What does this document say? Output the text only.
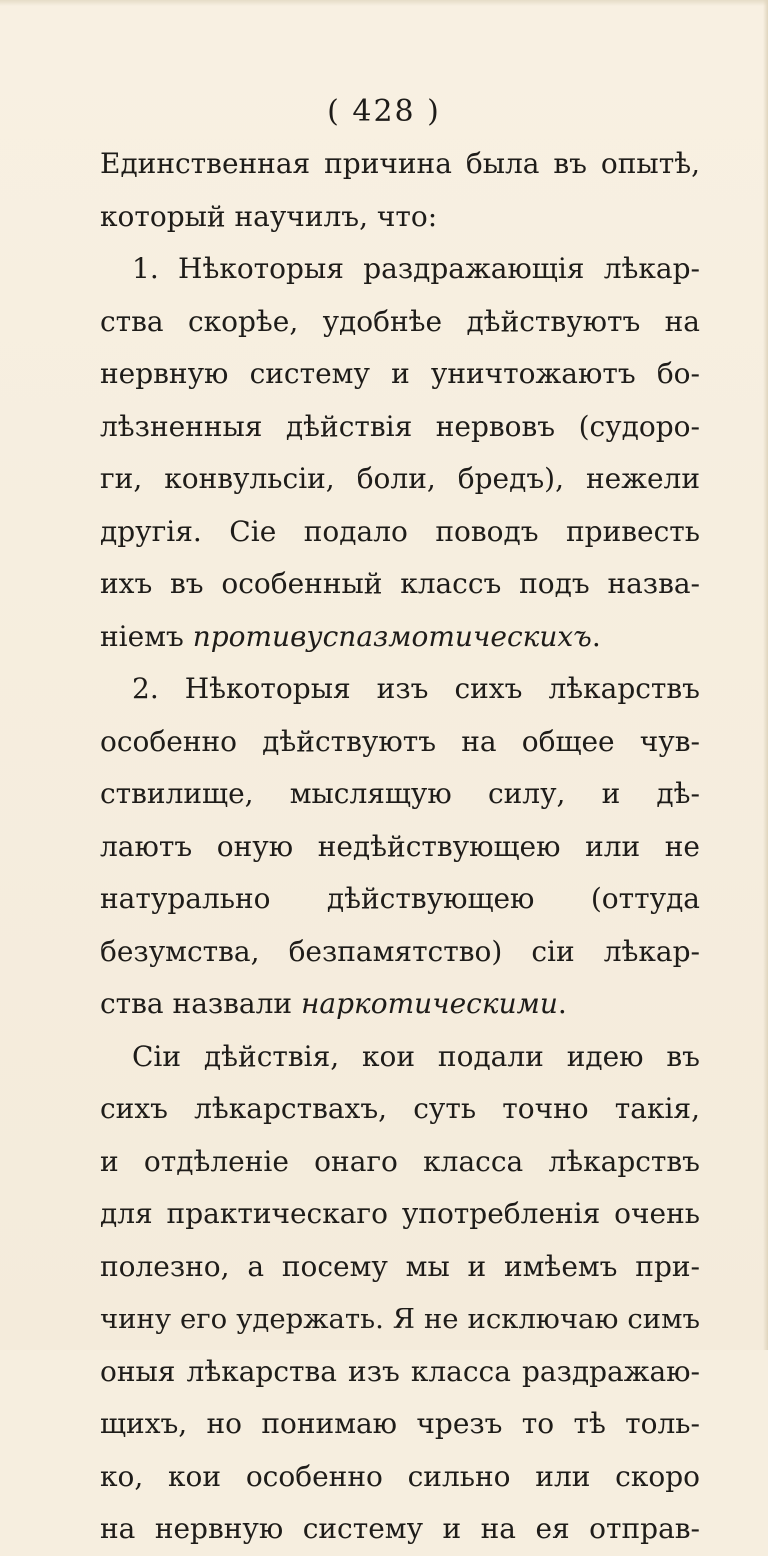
( 428 )
Единственная причина была въ опытѣ,
который научилъ, что:
1. Нѣкоторыя раздражающія лѣкар-
ства скорѣе, удобнѣе дѣйствуютъ на
нервную систему и уничтожаютъ бо-
лѣзненныя дѣйствія нервовъ (судоро-
ги, конвульсіи, боли, бредъ), нежели
другія. Сіе подало поводъ привесть
ихъ въ особенный классъ подъ назва-
ніемъ противуспазмотическихъ.
2. Нѣкоторыя изъ сихъ лѣкарствъ
особенно дѣйствуютъ на общее чув-
ствилище, мыслящую силу, и дѣ-
лаютъ оную недѣйствующею или не
натурально дѣйствующею (оттуда
безумства, безпамятство) сіи лѣкар-
ства назвали наркотическими.
Сіи дѣйствія, кои подали идею въ
сихъ лѣкарствахъ, суть точно такія,
и отдѣленіе онаго класса лѣкарствъ
для практическаго употребленія очень
полезно, а посему мы и имѣемъ при-
чину его удержать. Я не исключаю симъ
оныя лѣкарства изъ класса раздражаю-
щихъ, но понимаю чрезъ то тѣ толь-
ко, кои особенно сильно или скоро
на нервную систему и на ея отправ-
